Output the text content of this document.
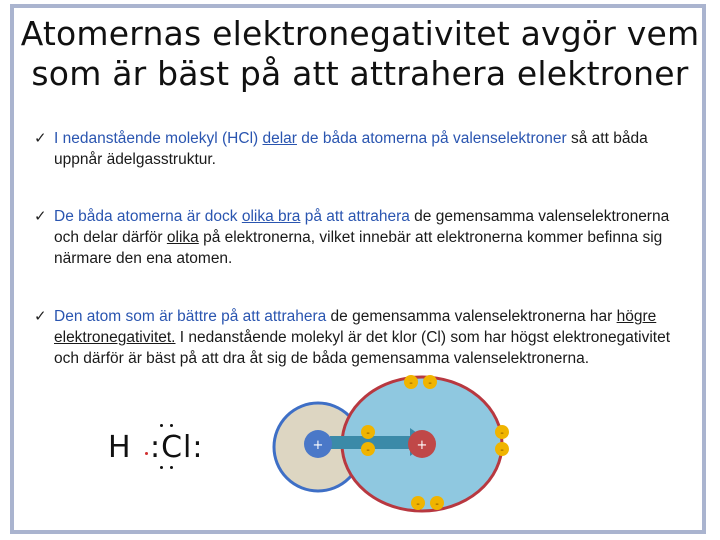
Atomernas elektronegativitet avgör vem
som är bäst på att attrahera elektroner
✓ I nedanstående molekyl (HCl) delar de båda atomerna på valenselektroner så att båda uppnår ädelgasstruktur.
✓ De båda atomerna är dock olika bra på att attrahera de gemensamma valenselektronerna och delar därför olika på elektronerna, vilket innebär att elektronerna kommer befinna sig närmare den ena atomen.
✓ Den atom som är bättre på att attrahera de gemensamma valenselektronerna har högre elektronegativitet. I nedanstående molekyl är det klor (Cl) som har högst elektronegativitet och därför är bäst på att dra åt sig de båda gemensamma valenselektronerna.
H :Cl:	+	+
- -
-
-
-
-
- -
